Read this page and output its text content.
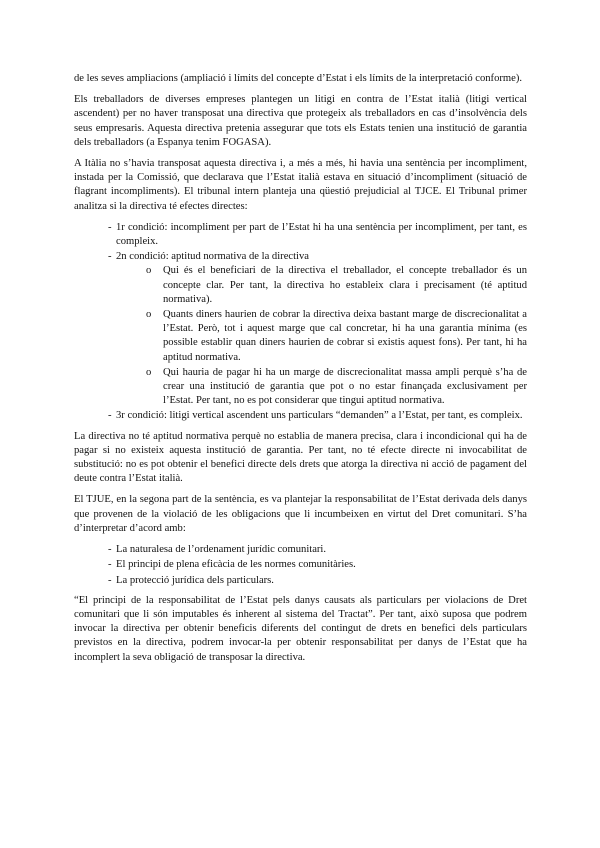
de les seves ampliacions (ampliació i límits del concepte d’Estat i els límits de la interpretació conforme).

Els treballadors de diverses empreses plantegen un litigi en contra de l’Estat italià (litigi vertical ascendent) per no haver transposat una directiva que protegeix als treballadors en cas d’insolvència dels seus empresaris. Aquesta directiva pretenia assegurar que tots els Estats tenien una institució de garantia dels treballadors (a Espanya tenim FOGASA).

A Itàlia no s’havia transposat aquesta directiva i, a més a més, hi havia una sentència per incompliment, instada per la Comissió, que declarava que l’Estat italià estava en situació d’incompliment (situació de flagrant incompliments). El tribunal intern planteja una qüestió prejudicial al TJCE. El Tribunal primer analitza si la directiva té efectes directes:

- 1r condició: incompliment per part de l’Estat hi ha una sentència per incompliment, per tant, es compleix.
- 2n condició: aptitud normativa de la directiva
o Qui és el beneficiari de la directiva el treballador, el concepte treballador és un concepte clar. Per tant, la directiva ho estableix clara i precisament (té aptitud normativa).
o Quants diners haurien de cobrar la directiva deixa bastant marge de discrecionalitat a l’Estat. Però, tot i aquest marge que cal concretar, hi ha una garantia mínima (es possible establir quan diners haurien de cobrar si existis aquest fons). Per tant, hi ha aptitud normativa.
o Qui hauria de pagar hi ha un marge de discrecionalitat massa ampli perquè s’ha de crear una institució de garantia que pot o no estar finançada exclusivament per l’Estat. Per tant, no es pot considerar que tingui aptitud normativa.
- 3r condició: litigi vertical ascendent uns particulars “demanden” a l’Estat, per tant, es compleix.

La directiva no té aptitud normativa perquè no establia de manera precisa, clara i incondicional qui ha de pagar si no existeix aquesta institució de garantia. Per tant, no té efecte directe ni invocabilitat de substitució: no es pot obtenir el benefici directe dels drets que atorga la directiva ni acció de pagament del deute contra l’Estat italià.

El TJUE, en la segona part de la sentència, es va plantejar la responsabilitat de l’Estat derivada dels danys que provenen de la violació de les obligacions que li incumbeixen en virtut del Dret comunitari. S’ha d’interpretar d’acord amb:

- La naturalesa de l’ordenament jurídic comunitari.
- El principi de plena eficàcia de les normes comunitàries.
- La protecció jurídica dels particulars.

“El principi de la responsabilitat de l’Estat pels danys causats als particulars per violacions de Dret comunitari que li són imputables és inherent al sistema del Tractat”. Per tant, això suposa que podrem invocar la directiva per obtenir beneficis diferents del contingut de drets en benefici dels particulars previstos en la directiva, podrem invocar-la per obtenir responsabilitat per danys de l’Estat que ha incomplert la seva obligació de transposar la directiva.
